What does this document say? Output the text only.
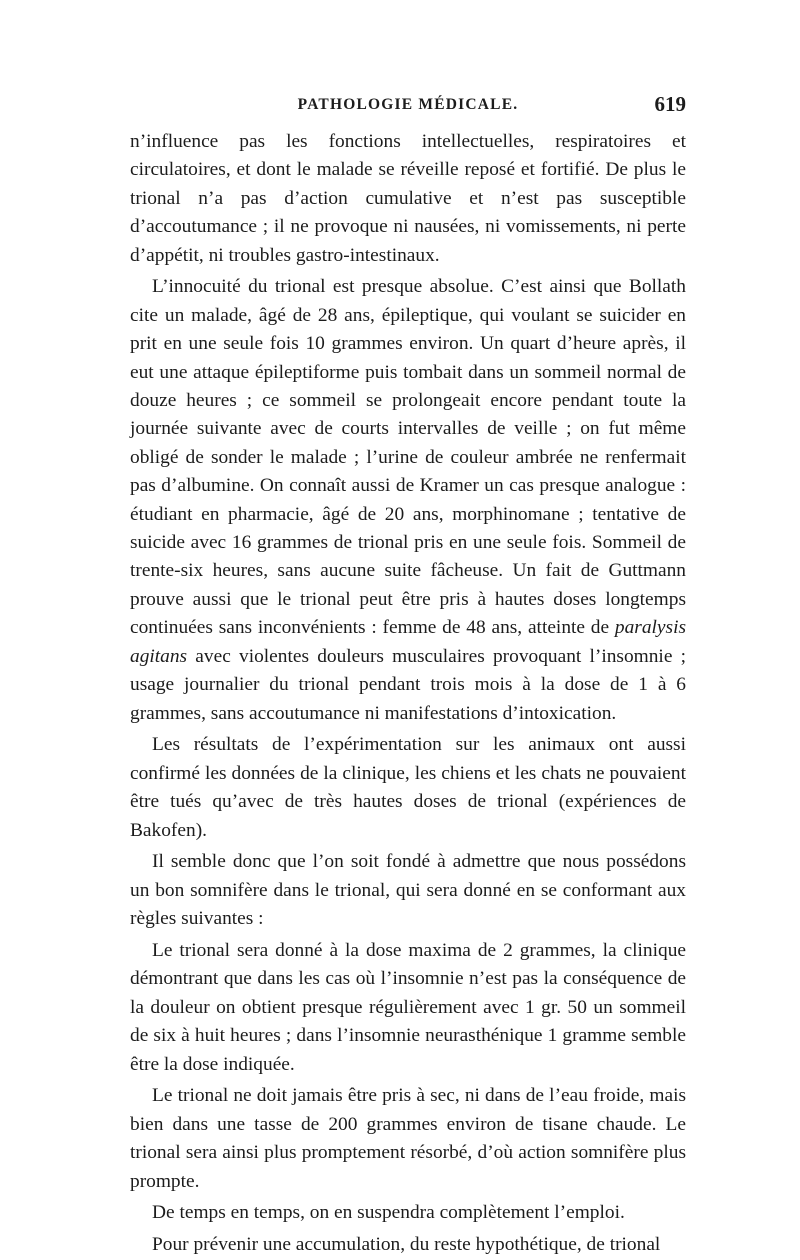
PATHOLOGIE MÉDICALE.	619

n’influence pas les fonctions intellectuelles, respiratoires et circulatoires, et dont le malade se réveille reposé et fortifié. De plus le trional n’a pas d’action cumulative et n’est pas susceptible d’accoutumance ; il ne provoque ni nausées, ni vomissements, ni perte d’appétit, ni troubles gastro-intestinaux.

L’innocuité du trional est presque absolue. C’est ainsi que Bollath cite un malade, âgé de 28 ans, épileptique, qui voulant se suicider en prit en une seule fois 10 grammes environ. Un quart d’heure après, il eut une attaque épileptiforme puis tombait dans un sommeil normal de douze heures ; ce sommeil se prolongeait encore pendant toute la journée suivante avec de courts intervalles de veille ; on fut même obligé de sonder le malade ; l’urine de couleur ambrée ne renfermait pas d’albumine. On connaît aussi de Kramer un cas presque analogue : étudiant en pharmacie, âgé de 20 ans, morphinomane ; tentative de suicide avec 16 grammes de trional pris en une seule fois. Sommeil de trente-six heures, sans aucune suite fâcheuse. Un fait de Guttmann prouve aussi que le trional peut être pris à hautes doses longtemps continuées sans inconvénients : femme de 48 ans, atteinte de paralysis agitans avec violentes douleurs musculaires provoquant l’insomnie ; usage journalier du trional pendant trois mois à la dose de 1 à 6 grammes, sans accoutumance ni manifestations d’intoxication.

Les résultats de l’expérimentation sur les animaux ont aussi confirmé les données de la clinique, les chiens et les chats ne pouvaient être tués qu’avec de très hautes doses de trional (expériences de Bakofen).

Il semble donc que l’on soit fondé à admettre que nous possédons un bon somnifère dans le trional, qui sera donné en se conformant aux règles suivantes :

Le trional sera donné à la dose maxima de 2 grammes, la clinique démontrant que dans les cas où l’insomnie n’est pas la conséquence de la douleur on obtient presque régulièrement avec 1 gr. 50 un sommeil de six à huit heures ; dans l’insomnie neurasthénique 1 gramme semble être la dose indiquée.

Le trional ne doit jamais être pris à sec, ni dans de l’eau froide, mais bien dans une tasse de 200 grammes environ de tisane chaude. Le trional sera ainsi plus promptement résorbé, d’où action somnifère plus prompte.

De temps en temps, on en suspendra complètement l’emploi.

Pour prévenir une accumulation, du reste hypothétique, de trional
